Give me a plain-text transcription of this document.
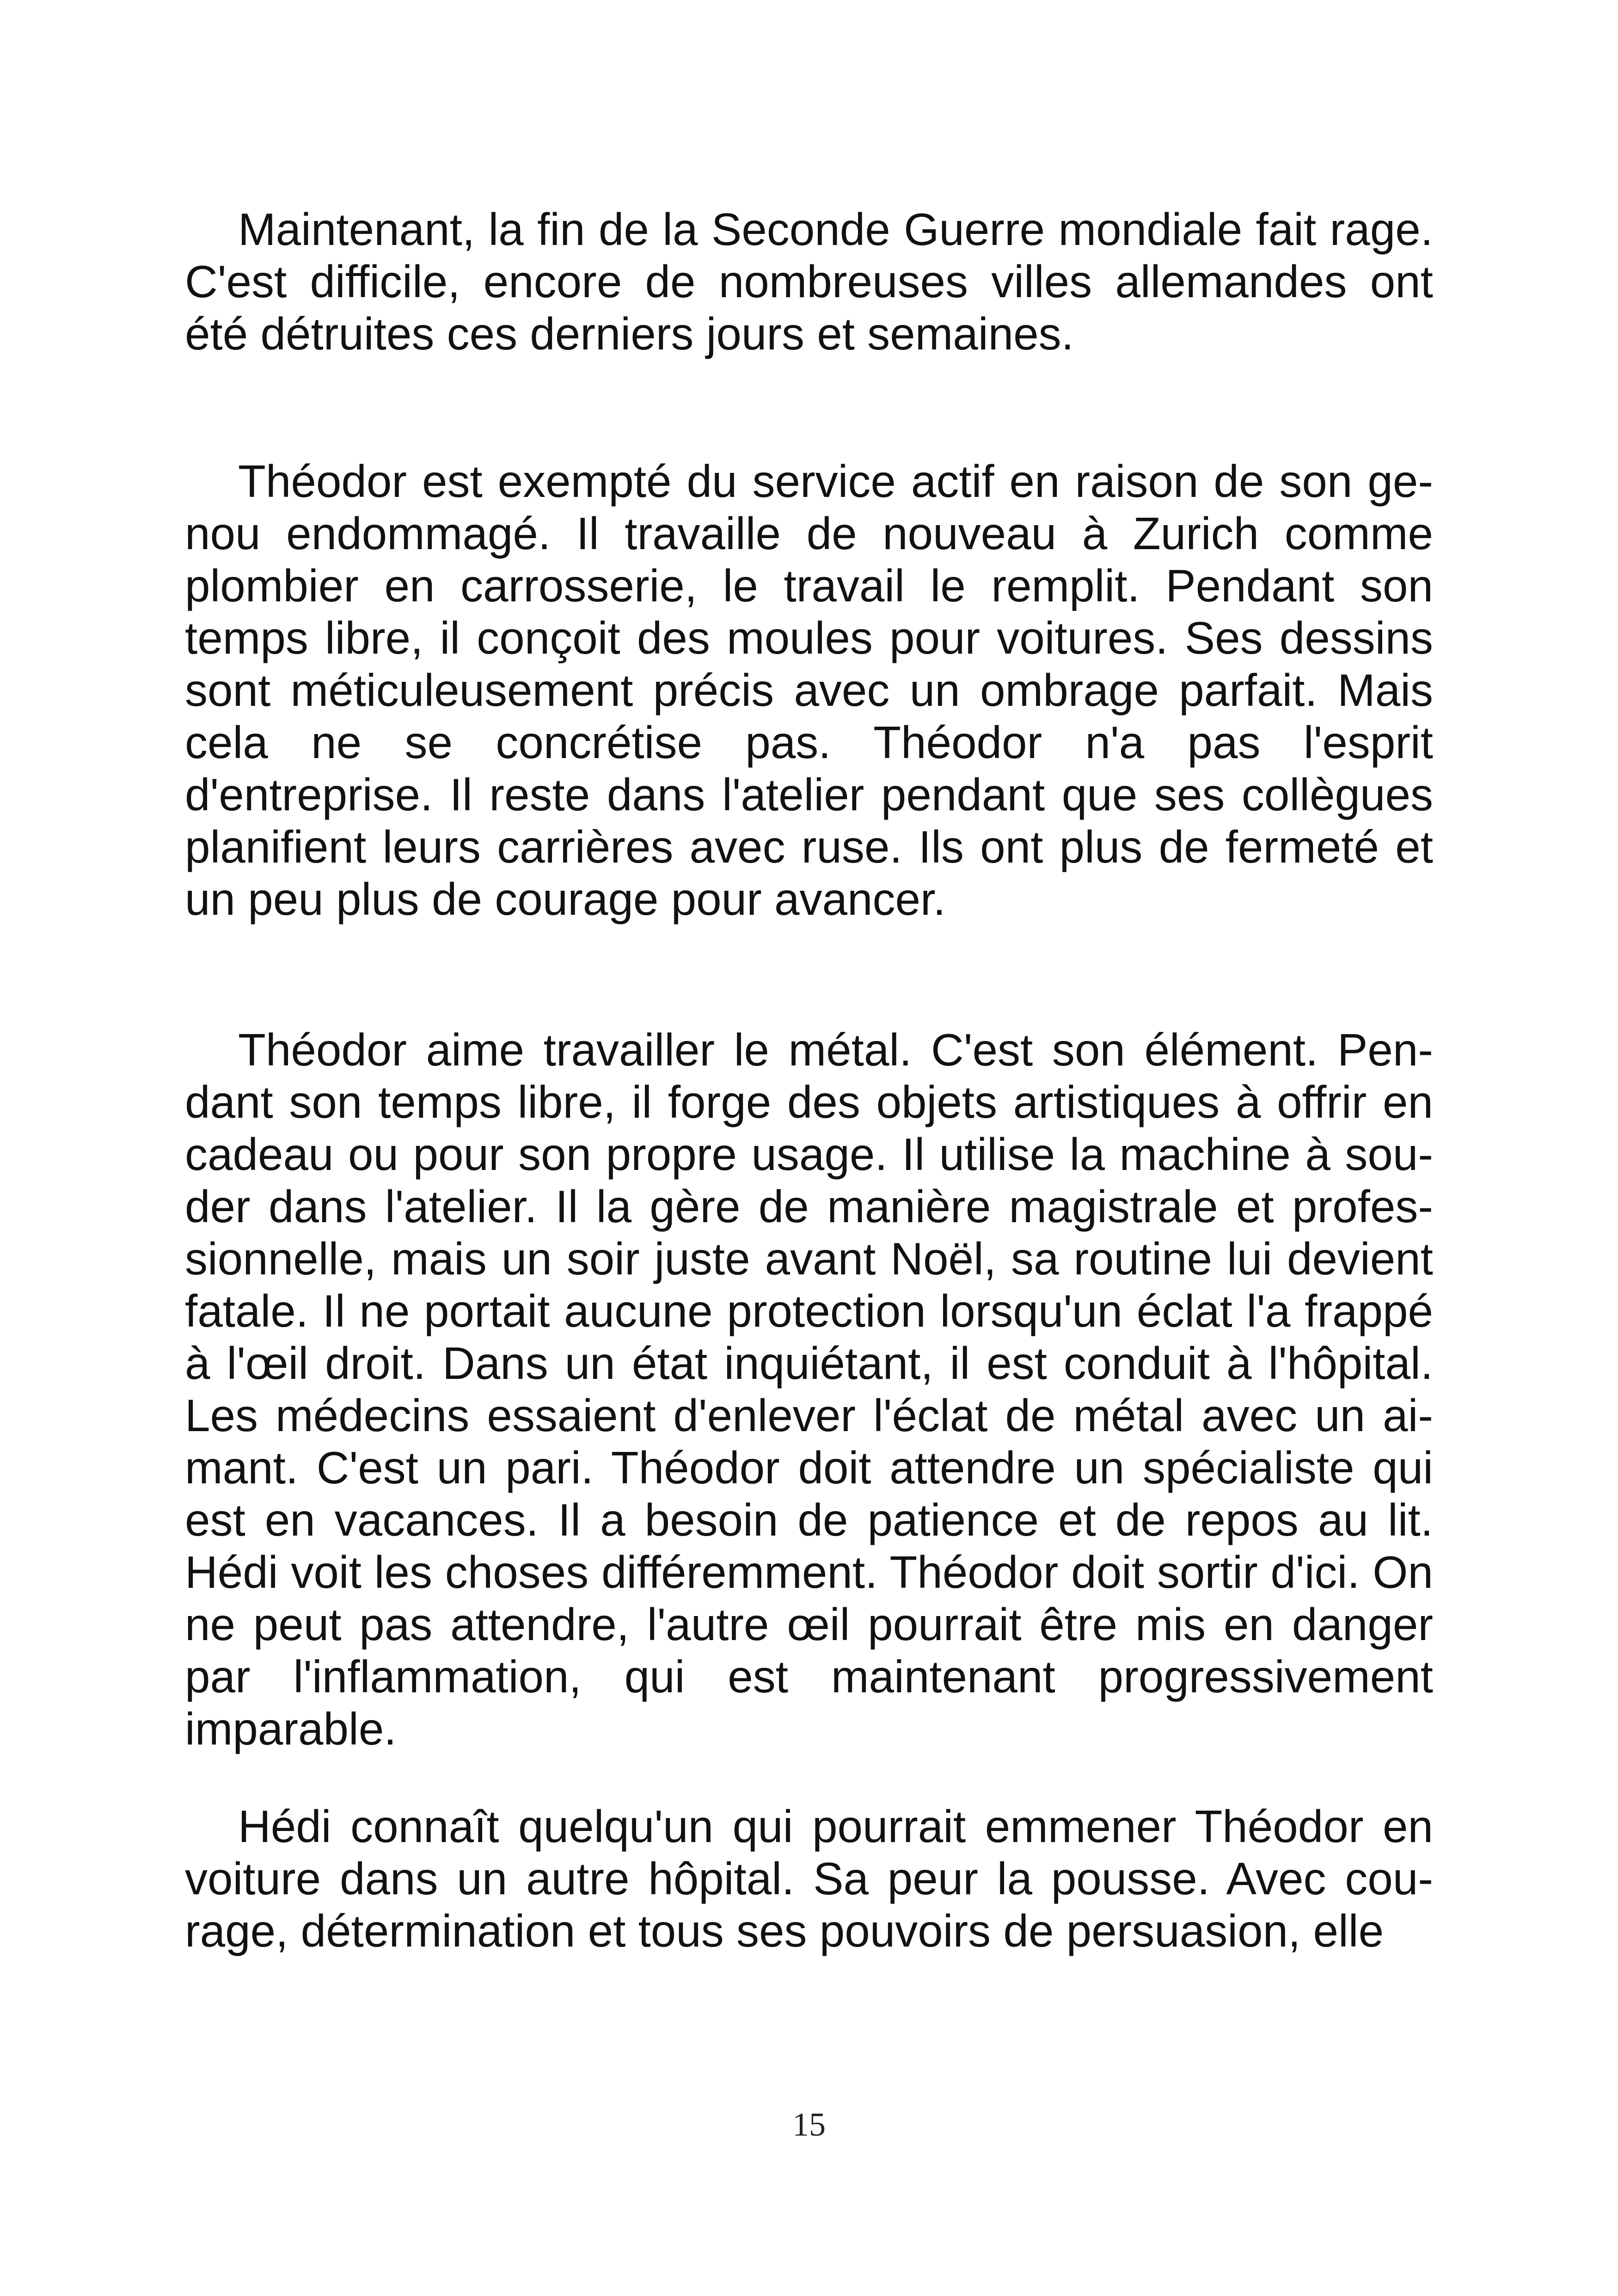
Maintenant, la fin de la Seconde Guerre mondiale fait rage. C'est difficile, encore de nombreuses villes allemandes ont été détruites ces derniers jours et semaines.

Théodor est exempté du service actif en raison de son genou endommagé. Il travaille de nouveau à Zurich comme plombier en carrosserie, le travail le remplit. Pendant son temps libre, il conçoit des moules pour voitures. Ses dessins sont méticuleusement précis avec un ombrage parfait. Mais cela ne se concrétise pas. Théodor n'a pas l'esprit d'entreprise. Il reste dans l'atelier pendant que ses collègues planifient leurs carrières avec ruse. Ils ont plus de fermeté et un peu plus de courage pour avancer.

Théodor aime travailler le métal. C'est son élément. Pendant son temps libre, il forge des objets artistiques à offrir en cadeau ou pour son propre usage. Il utilise la machine à souder dans l'atelier. Il la gère de manière magistrale et professionnelle, mais un soir juste avant Noël, sa routine lui devient fatale. Il ne portait aucune protection lorsqu'un éclat l'a frappé à l'œil droit. Dans un état inquiétant, il est conduit à l'hôpital. Les médecins essaient d'enlever l'éclat de métal avec un aimant. C'est un pari. Théodor doit attendre un spécialiste qui est en vacances. Il a besoin de patience et de repos au lit. Hédi voit les choses différemment. Théodor doit sortir d'ici. On ne peut pas attendre, l'autre œil pourrait être mis en danger par l'inflammation, qui est maintenant progressivement imparable.

Hédi connaît quelqu'un qui pourrait emmener Théodor en voiture dans un autre hôpital. Sa peur la pousse. Avec courage, détermination et tous ses pouvoirs de persuasion, elle

15
